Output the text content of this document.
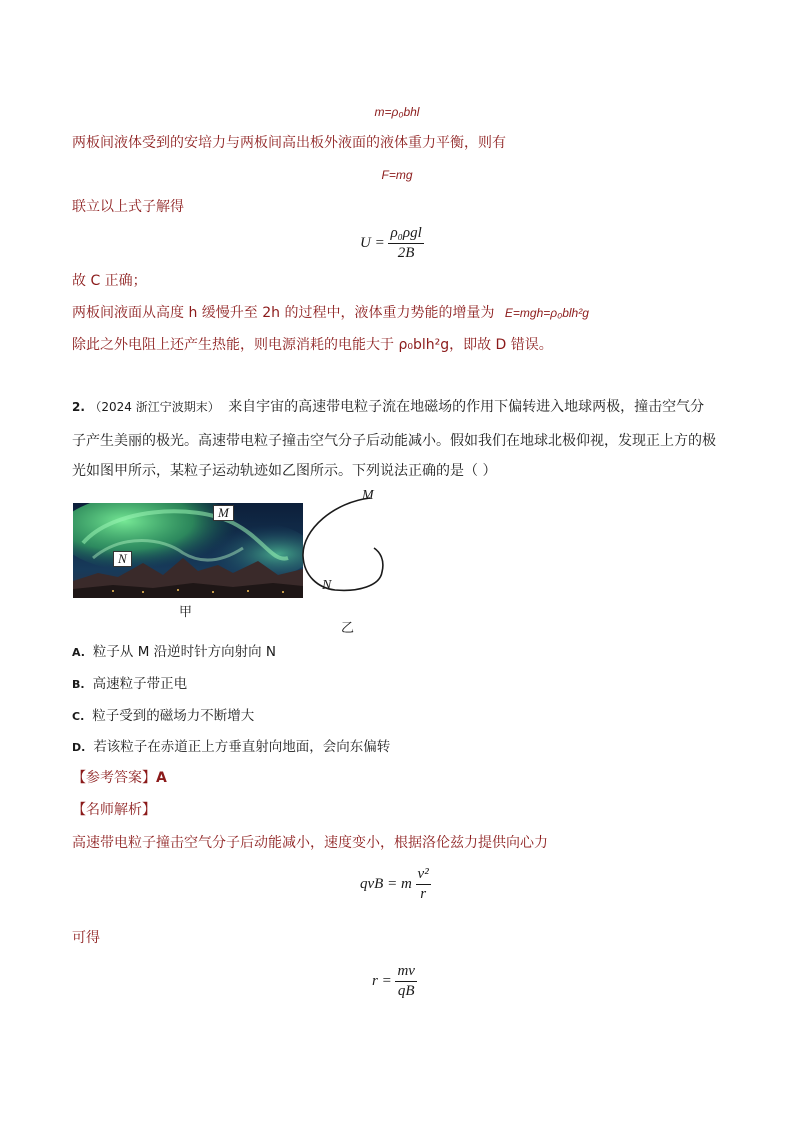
m=ρ₀bhl
两板间液体受到的安培力与两板间高出板外液面的液体重力平衡，则有
F=mg
联立以上式子解得
$U = \frac{\text{ρ₀ρgl}}{2B}$
故 C 正确；
两板间液面从高度 h 缓慢升至 2h 的过程中，液体重力势能的增量为 E=mgh=ρ₀blh²g
除此之外电阻上还产生热能，则电源消耗的电能大于 ρ₀blh²g，即故 D 错误。
2. （2024 浙江宁波期末） 来自宇宙的高速带电粒子流在地磁场的作用下偏转进入地球两极，撞击空气分
子产生美丽的极光。高速带电粒子撞击空气分子后动能减小。假如我们在地球北极仰视，发现正上方的极
光如图甲所示，某粒子运动轨迹如乙图所示。下列说法正确的是（ ）
M
N
甲
M
N
乙
A. 粒子从 M 沿逆时针方向射向 N
B. 高速粒子带正电
C. 粒子受到的磁场力不断增大
D. 若该粒子在赤道正上方垂直射向地面，会向东偏转
【参考答案】A
【名师解析】
高速带电粒子撞击空气分子后动能减小，速度变小，根据洛伦兹力提供向心力
qvB = m $\frac{\text{v²}}{r}$
可得
$r = \frac{mv}{qB}$
